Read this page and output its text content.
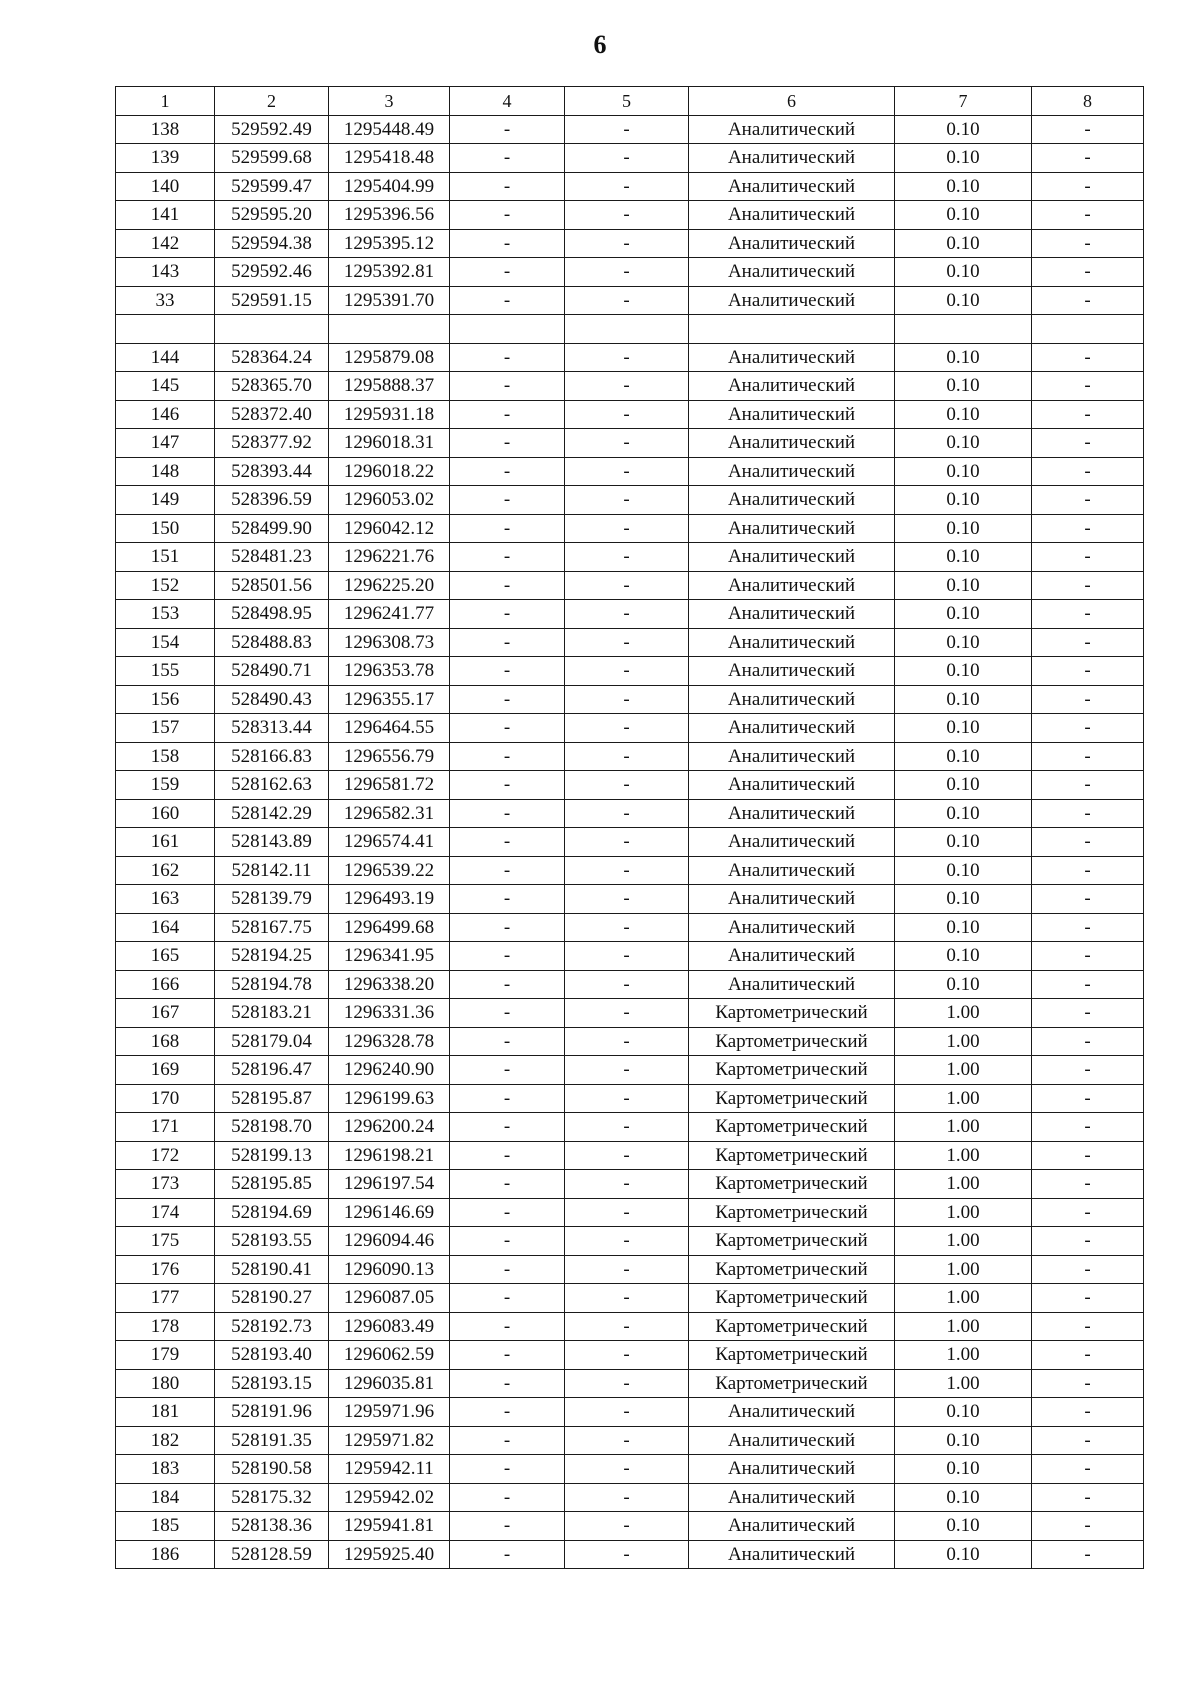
6
1	2	3	4	5	6	7	8
138	529592.49	1295448.49	-	-	Аналитический	0.10	-
139	529599.68	1295418.48	-	-	Аналитический	0.10	-
140	529599.47	1295404.99	-	-	Аналитический	0.10	-
141	529595.20	1295396.56	-	-	Аналитический	0.10	-
142	529594.38	1295395.12	-	-	Аналитический	0.10	-
143	529592.46	1295392.81	-	-	Аналитический	0.10	-
33	529591.15	1295391.70	-	-	Аналитический	0.10	-

144	528364.24	1295879.08	-	-	Аналитический	0.10	-
145	528365.70	1295888.37	-	-	Аналитический	0.10	-
146	528372.40	1295931.18	-	-	Аналитический	0.10	-
147	528377.92	1296018.31	-	-	Аналитический	0.10	-
148	528393.44	1296018.22	-	-	Аналитический	0.10	-
149	528396.59	1296053.02	-	-	Аналитический	0.10	-
150	528499.90	1296042.12	-	-	Аналитический	0.10	-
151	528481.23	1296221.76	-	-	Аналитический	0.10	-
152	528501.56	1296225.20	-	-	Аналитический	0.10	-
153	528498.95	1296241.77	-	-	Аналитический	0.10	-
154	528488.83	1296308.73	-	-	Аналитический	0.10	-
155	528490.71	1296353.78	-	-	Аналитический	0.10	-
156	528490.43	1296355.17	-	-	Аналитический	0.10	-
157	528313.44	1296464.55	-	-	Аналитический	0.10	-
158	528166.83	1296556.79	-	-	Аналитический	0.10	-
159	528162.63	1296581.72	-	-	Аналитический	0.10	-
160	528142.29	1296582.31	-	-	Аналитический	0.10	-
161	528143.89	1296574.41	-	-	Аналитический	0.10	-
162	528142.11	1296539.22	-	-	Аналитический	0.10	-
163	528139.79	1296493.19	-	-	Аналитический	0.10	-
164	528167.75	1296499.68	-	-	Аналитический	0.10	-
165	528194.25	1296341.95	-	-	Аналитический	0.10	-
166	528194.78	1296338.20	-	-	Аналитический	0.10	-
167	528183.21	1296331.36	-	-	Картометрический	1.00	-
168	528179.04	1296328.78	-	-	Картометрический	1.00	-
169	528196.47	1296240.90	-	-	Картометрический	1.00	-
170	528195.87	1296199.63	-	-	Картометрический	1.00	-
171	528198.70	1296200.24	-	-	Картометрический	1.00	-
172	528199.13	1296198.21	-	-	Картометрический	1.00	-
173	528195.85	1296197.54	-	-	Картометрический	1.00	-
174	528194.69	1296146.69	-	-	Картометрический	1.00	-
175	528193.55	1296094.46	-	-	Картометрический	1.00	-
176	528190.41	1296090.13	-	-	Картометрический	1.00	-
177	528190.27	1296087.05	-	-	Картометрический	1.00	-
178	528192.73	1296083.49	-	-	Картометрический	1.00	-
179	528193.40	1296062.59	-	-	Картометрический	1.00	-
180	528193.15	1296035.81	-	-	Картометрический	1.00	-
181	528191.96	1295971.96	-	-	Аналитический	0.10	-
182	528191.35	1295971.82	-	-	Аналитический	0.10	-
183	528190.58	1295942.11	-	-	Аналитический	0.10	-
184	528175.32	1295942.02	-	-	Аналитический	0.10	-
185	528138.36	1295941.81	-	-	Аналитический	0.10	-
186	528128.59	1295925.40	-	-	Аналитический	0.10	-
